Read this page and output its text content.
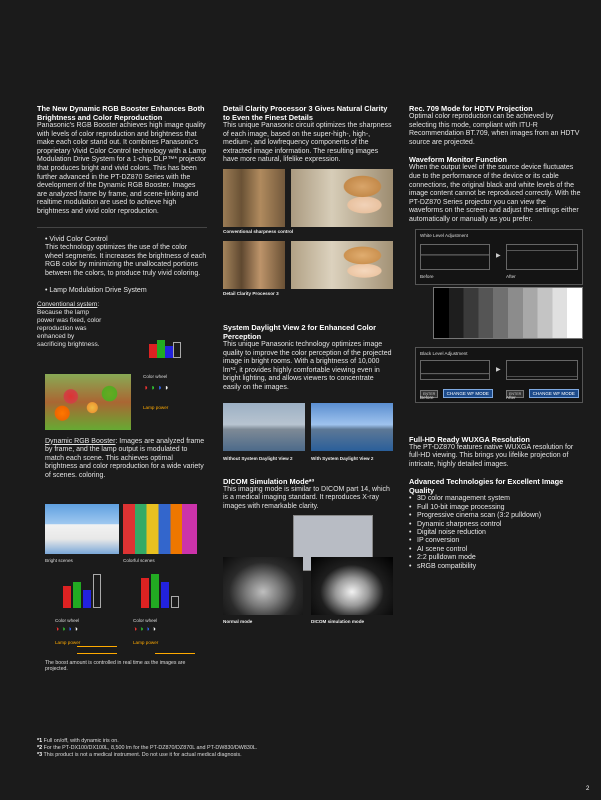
The New Dynamic RGB Booster Enhances Both Brightness and Color Reproduction

Panasonic's RGB Booster achieves high image quality with levels of color reproduction and brightness that make each color stand out. It combines Panasonic's proprietary Vivid Color Control technology with a Lamp Modulation Drive System for a 1-chip DLP™* projector that produces bright and vivid colors. This has been further advanced in the PT-DZ870 Series with the development of the Dynamic RGB Booster. Images are analyzed frame by frame, and scene-linking and realtime modulation are used to achieve high brightness and vivid color reproduction.

• Vivid Color Control

This technology optimizes the use of the color wheel segments. It increases the brightness of each RGB color by minimizing the unallocated portions between the colors, to produce truly vivid coloring.

• Lamp Modulation Drive System

Conventional system: Because the lamp power was fixed, color reproduction was enhanced by sacrificing brightness.

Color wheel
◑◑◑◑
Lamp power

Dynamic RGB Booster: Images are analyzed frame by frame, and the lamp output is modulated to match each scene. This achieves optimal brightness and color reproduction for a wide variety of scenes. coloring.

Bright scenes	Colorful scenes
Color wheel	Color wheel
◑◑◑◑	◑◑◑◑
Lamp power	Lamp power

The boost amount is controlled in real time as the images are projected.

Detail Clarity Processor 3 Gives Natural Clarity to Even the Finest Details

This unique Panasonic circuit optimizes the sharpness of each image, based on the super-high-, high-, medium-, and lowfrequency components of the extracted image information. The resulting images have more natural, lifelike expression.

Conventional sharpness control
Detail Clarity Processor 3
System Daylight View 2 for Enhanced Color Perception

This unique Panasonic technology optimizes image quality to improve the color perception of the projected image in bright rooms. With a brightness of 10,000 lm*², it provides highly comfortable viewing even in bright lighting, and allows viewers to concentrate easily on the images.

Without System Daylight View 2	With System Daylight View 2
DICOM Simulation Mode*³

This imaging mode is similar to DICOM part 14, which is a medical imaging standard. It reproduces X-ray images with remarkable clarity.

Normal mode	DICOM simulation mode
Rec. 709 Mode for HDTV Projection

Optimal color reproduction can be achieved by selecting this mode, compliant with ITU-R Recommendation BT.709, when images from an HDTV source are projected.

Waveform Monitor Function

When the output level of the source device fluctuates due to the performance of the device or its cable connections, the original black and white levels of the image content cannot be reproduced correctly. With the PT-DZ870 Series projector you can view the waveforms on the screen and adjust the settings either automatically or manually as you prefer.

White Level Adjustment
▶
Before	After
Black Level Adjustment
▶
ENTER	CHANGE WF MODE	ENTER	CHANGE WF MODE
Before	After
Full-HD Ready WUXGA Resolution

The PT-DZ870 features native WUXGA resolution for full-HD viewing. This brings you lifelike projection of intricate, highly detailed images.

Advanced Technologies for Excellent Image Quality
• 3D color management system
• Full 10-bit image processing
• Progressive cinema scan (3:2 pulldown)
• Dynamic sharpness control
• Digital noise reduction
• IP conversion
• AI scene control
• 2:2 pulldown mode
• sRGB compatibility
*1 Full on/off, with dynamic iris on.
*2 For the PT-DX100/DX100L, 8,500 lm for the PT-DZ870/DZ870L and PT-DW830/DW830L.
*3 This product is not a medical instrument. Do not use it for actual medical diagnosis.
2
